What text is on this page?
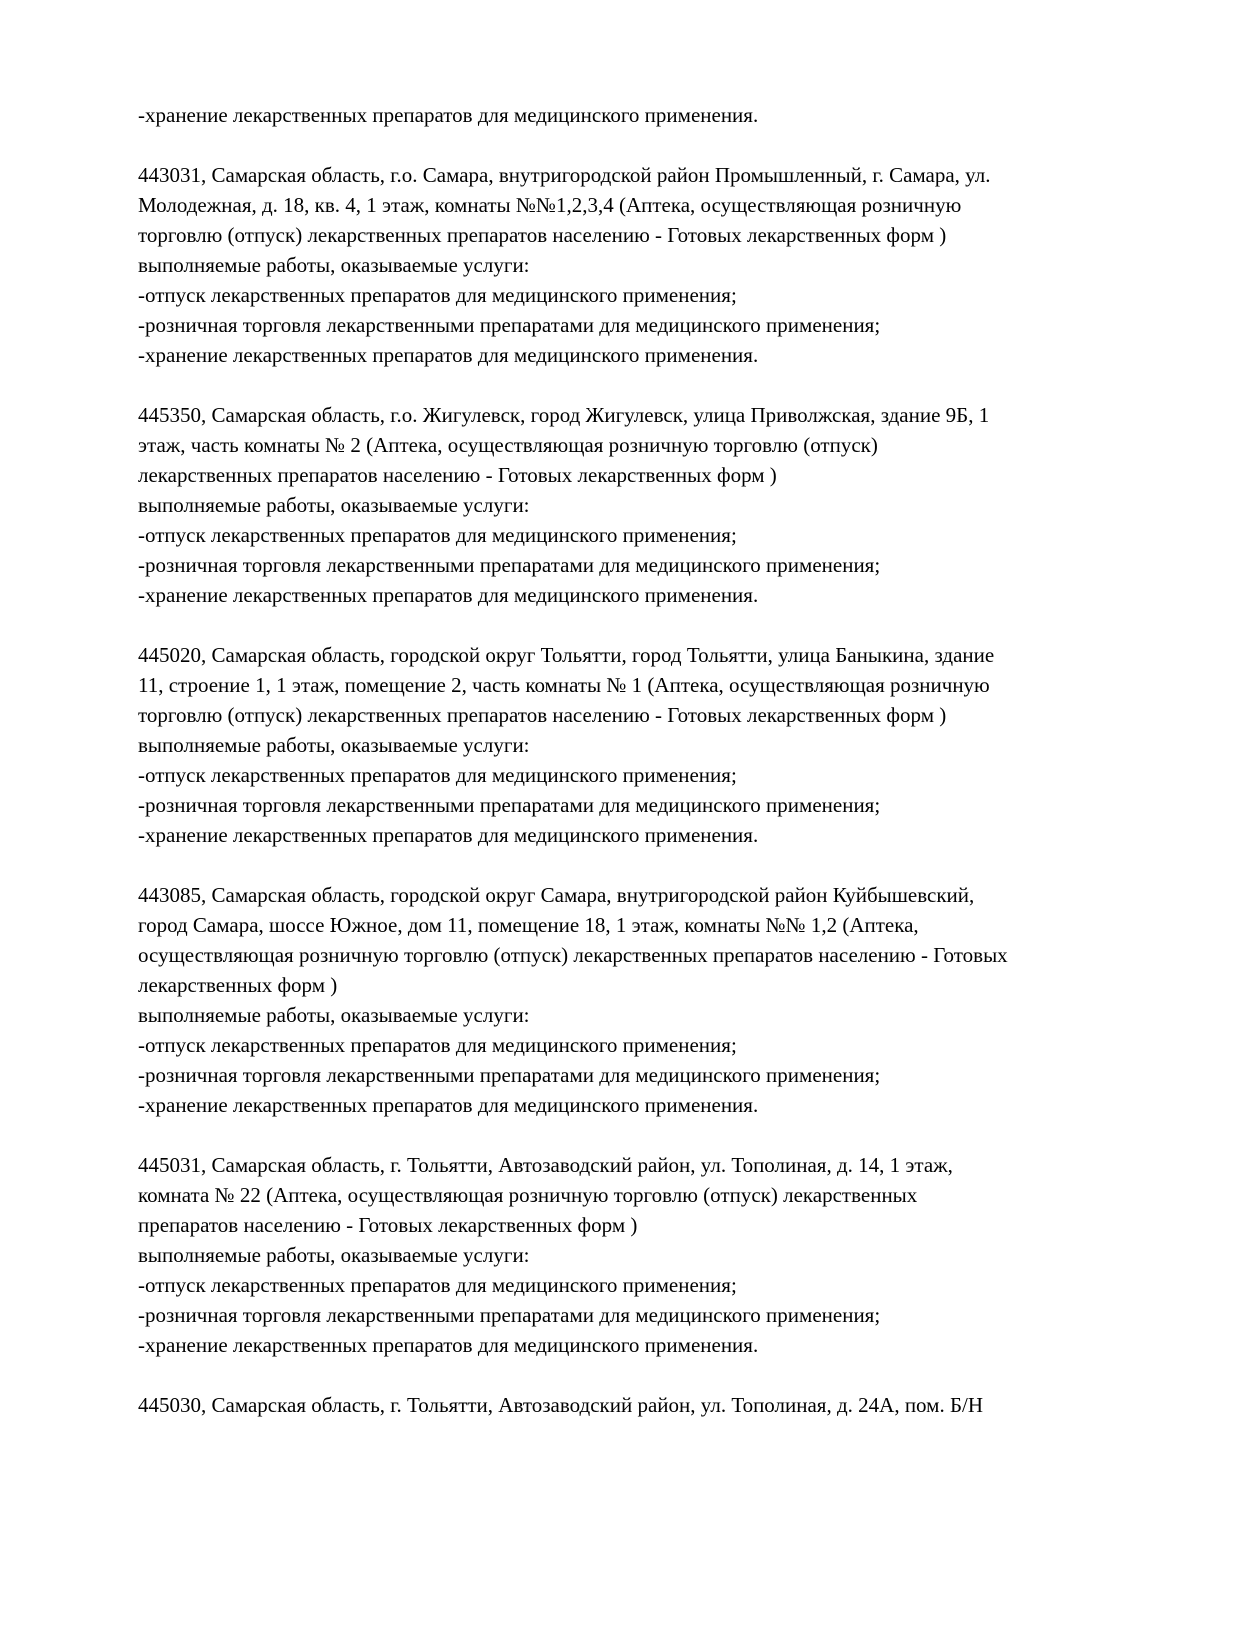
-хранение лекарственных препаратов для медицинского применения.
443031, Самарская область, г.о. Самара, внутригородской район Промышленный, г. Самара, ул.
Молодежная, д. 18, кв. 4, 1 этаж, комнаты №№1,2,3,4 (Аптека, осуществляющая розничную
торговлю (отпуск) лекарственных препаратов населению - Готовых лекарственных форм )
выполняемые работы, оказываемые услуги:
-отпуск лекарственных препаратов для медицинского применения;
-розничная торговля лекарственными препаратами для медицинского применения;
-хранение лекарственных препаратов для медицинского применения.
445350, Самарская область, г.о. Жигулевск, город Жигулевск, улица Приволжская, здание 9Б, 1
этаж, часть комнаты № 2 (Аптека, осуществляющая розничную торговлю (отпуск)
лекарственных препаратов населению - Готовых лекарственных форм )
выполняемые работы, оказываемые услуги:
-отпуск лекарственных препаратов для медицинского применения;
-розничная торговля лекарственными препаратами для медицинского применения;
-хранение лекарственных препаратов для медицинского применения.
445020, Самарская область, городской округ Тольятти, город Тольятти, улица Баныкина, здание
11, строение 1, 1 этаж, помещение 2, часть комнаты № 1 (Аптека, осуществляющая розничную
торговлю (отпуск) лекарственных препаратов населению - Готовых лекарственных форм )
выполняемые работы, оказываемые услуги:
-отпуск лекарственных препаратов для медицинского применения;
-розничная торговля лекарственными препаратами для медицинского применения;
-хранение лекарственных препаратов для медицинского применения.
443085, Самарская область, городской округ Самара, внутригородской район Куйбышевский,
город Самара, шоссе Южное, дом 11, помещение 18, 1 этаж, комнаты №№ 1,2 (Аптека,
осуществляющая розничную торговлю (отпуск) лекарственных препаратов населению - Готовых
лекарственных форм )
выполняемые работы, оказываемые услуги:
-отпуск лекарственных препаратов для медицинского применения;
-розничная торговля лекарственными препаратами для медицинского применения;
-хранение лекарственных препаратов для медицинского применения.
445031, Самарская область, г. Тольятти, Автозаводский район, ул. Тополиная, д. 14, 1 этаж,
комната № 22 (Аптека, осуществляющая розничную торговлю (отпуск) лекарственных
препаратов населению - Готовых лекарственных форм )
выполняемые работы, оказываемые услуги:
-отпуск лекарственных препаратов для медицинского применения;
-розничная торговля лекарственными препаратами для медицинского применения;
-хранение лекарственных препаратов для медицинского применения.
445030, Самарская область, г. Тольятти, Автозаводский район, ул. Тополиная, д. 24А, пом. Б/Н
